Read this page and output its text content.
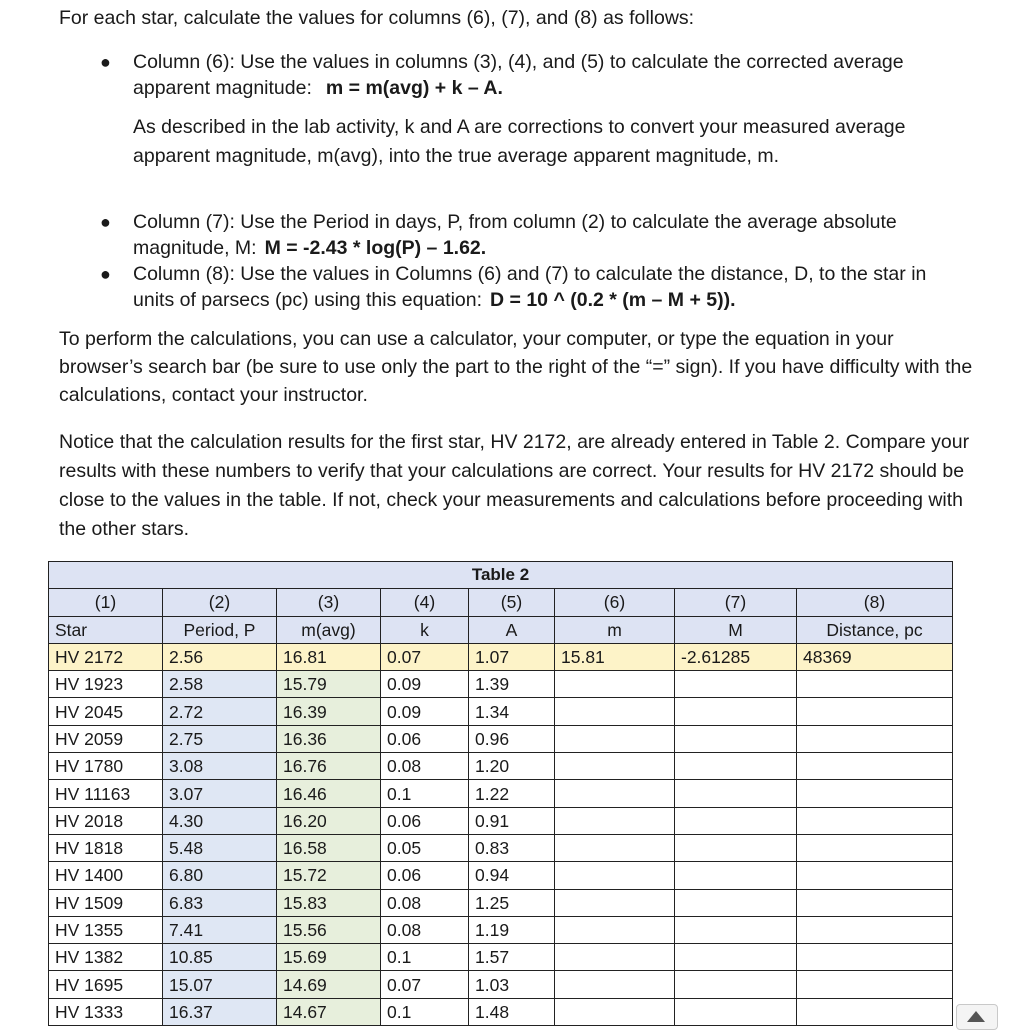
For each star, calculate the values for columns (6), (7), and (8) as follows:
● Column (6): Use the values in columns (3), (4), and (5) to calculate the corrected average apparent magnitude: m = m(avg) + k – A.
As described in the lab activity, k and A are corrections to convert your measured average apparent magnitude, m(avg), into the true average apparent magnitude, m.
● Column (7): Use the Period in days, P, from column (2) to calculate the average absolute magnitude, M: M = -2.43 * log(P) – 1.62.
● Column (8): Use the values in Columns (6) and (7) to calculate the distance, D, to the star in units of parsecs (pc) using this equation: D = 10 ^ (0.2 * (m – M + 5)).
To perform the calculations, you can use a calculator, your computer, or type the equation in your browser’s search bar (be sure to use only the part to the right of the “=” sign). If you have difficulty with the calculations, contact your instructor.
Notice that the calculation results for the first star, HV 2172, are already entered in Table 2. Compare your results with these numbers to verify that your calculations are correct. Your results for HV 2172 should be close to the values in the table. If not, check your measurements and calculations before proceeding with the other stars.
Table 2							
(1)	(2)	(3)	(4)	(5)	(6)	(7)	(8)
Star	Period, P	m(avg)	k	A	m	M	Distance, pc
HV 2172	2.56	16.81	0.07	1.07	15.81	-2.61285	48369
HV 1923	2.58	15.79	0.09	1.39			
HV 2045	2.72	16.39	0.09	1.34			
HV 2059	2.75	16.36	0.06	0.96			
HV 1780	3.08	16.76	0.08	1.20			
HV 11163	3.07	16.46	0.1	1.22			
HV 2018	4.30	16.20	0.06	0.91			
HV 1818	5.48	16.58	0.05	0.83			
HV 1400	6.80	15.72	0.06	0.94			
HV 1509	6.83	15.83	0.08	1.25			
HV 1355	7.41	15.56	0.08	1.19			
HV 1382	10.85	15.69	0.1	1.57			
HV 1695	15.07	14.69	0.07	1.03			
HV 1333	16.37	14.67	0.1	1.48			
